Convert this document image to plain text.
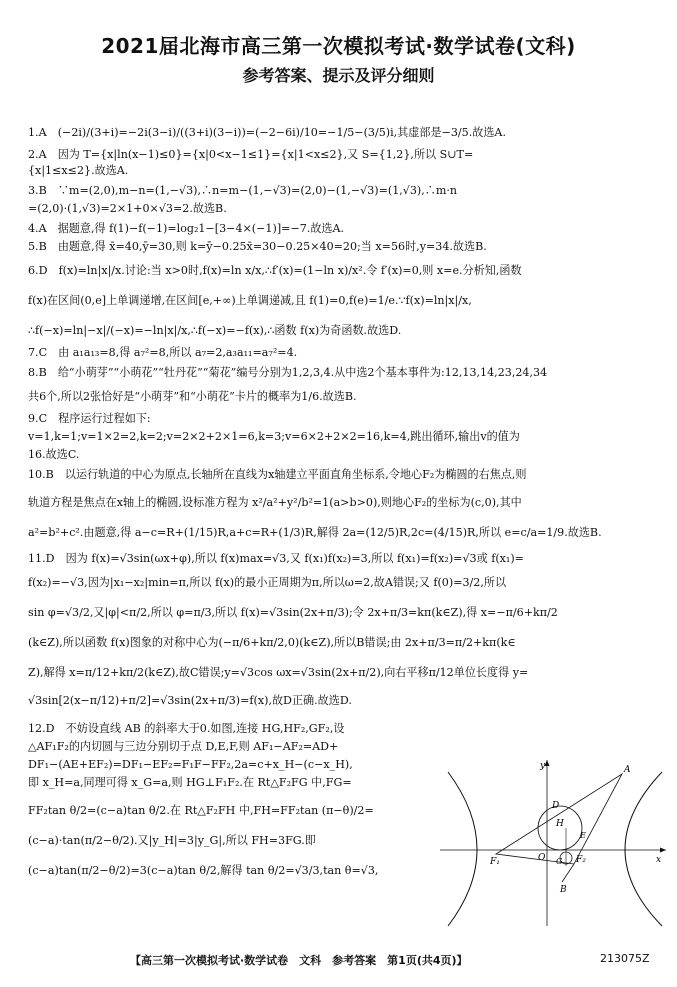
2021届北海市高三第一次模拟考试·数学试卷(文科)
参考答案、提示及评分细则
1.A　(−2i)/(3+i)=−2i(3−i)/((3+i)(3−i))=(−2−6i)/10=−1/5−(3/5)i,其虚部是−3/5.故选A.
2.A　因为 T={x|ln(x−1)≤0}={x|0<x−1≤1}={x|1<x≤2},又 S={1,2},所以 S∪T=
{x|1≤x≤2}.故选A.
3.B　∵m=(2,0),m−n=(1,−√3),∴n=m−(1,−√3)=(2,0)−(1,−√3)=(1,√3),∴m·n
=(2,0)·(1,√3)=2×1+0×√3=2.故选B.
4.A　据题意,得 f(1)−f(−1)=log₂1−[3−4×(−1)]=−7.故选A.
5.B　由题意,得 x̄=40,ȳ=30,则 k=ȳ−0.25x̄=30−0.25×40=20;当 x=56时,y=34.故选B.
6.D　f(x)=ln|x|/x.讨论:当 x>0时,f(x)=ln x/x,∴f′(x)=(1−ln x)/x².令 f′(x)=0,则 x=e.分析知,函数
f(x)在区间(0,e]上单调递增,在区间[e,+∞)上单调递减,且 f(1)=0,f(e)=1/e.∵f(x)=ln|x|/x,
∴f(−x)=ln|−x|/(−x)=−ln|x|/x,∴f(−x)=−f(x),∴函数 f(x)为奇函数.故选D.
7.C　由 a₁a₁₃=8,得 a₇²=8,所以 a₇=2,a₃a₁₁=a₇²=4.
8.B　给“小萌芽”“小萌花”“牡丹花”“菊花”编号分别为1,2,3,4.从中选2个基本事件为:12,13,14,23,24,34
共6个,所以2张恰好是“小萌芽”和“小萌花”卡片的概率为1/6.故选B.
9.C　程序运行过程如下:
v=1,k=1;v=1×2=2,k=2;v=2×2+2×1=6,k=3;v=6×2+2×2=16,k=4,跳出循环,输出v的值为
16.故选C.
10.B　以运行轨道的中心为原点,长轴所在直线为x轴建立平面直角坐标系,令地心F₂为椭圆的右焦点,则
轨道方程是焦点在x轴上的椭圆,设标准方程为 x²/a²+y²/b²=1(a>b>0),则地心F₂的坐标为(c,0),其中
a²=b²+c².由题意,得 a−c=R+(1/15)R,a+c=R+(1/3)R,解得 2a=(12/5)R,2c=(4/15)R,所以 e=c/a=1/9.故选B.
11.D　因为 f(x)=√3sin(ωx+φ),所以 f(x)max=√3,又 f(x₁)f(x₂)=3,所以 f(x₁)=f(x₂)=√3或 f(x₁)=
f(x₂)=−√3,因为|x₁−x₂|min=π,所以 f(x)的最小正周期为π,所以ω=2,故A错误;又 f(0)=3/2,所以
sin φ=√3/2,又|φ|<π/2,所以 φ=π/3,所以 f(x)=√3sin(2x+π/3);令 2x+π/3=kπ(k∈Z),得 x=−π/6+kπ/2
(k∈Z),所以函数 f(x)图象的对称中心为(−π/6+kπ/2,0)(k∈Z),所以B错误;由 2x+π/3=π/2+kπ(k∈
Z),解得 x=π/12+kπ/2(k∈Z),故C错误;y=√3cos ωx=√3sin(2x+π/2),向右平移π/12单位长度得 y=
√3sin[2(x−π/12)+π/2]=√3sin(2x+π/3)=f(x),故D正确.故选D.
12.D　不妨设直线 AB 的斜率大于0.如图,连接 HG,HF₂,GF₂,设
△AF₁F₂的内切圆与三边分别切于点 D,E,F,则 AF₁−AF₂=AD+
DF₁−(AE+EF₂)=DF₁−EF₂=F₁F−FF₂,2a=c+x_H−(c−x_H),
即 x_H=a,同理可得 x_G=a,则 HG⊥F₁F₂.在 Rt△F₂FG 中,FG=
FF₂tan θ/2=(c−a)tan θ/2.在 Rt△F₂FH 中,FH=FF₂tan (π−θ)/2=
(c−a)·tan(π/2−θ/2).又|y_H|=3|y_G|,所以 FH=3FG.即
(c−a)tan(π/2−θ/2)=3(c−a)tan θ/2,解得 tan θ/2=√3/3,tan θ=√3,
y
x
A
B
D
H
F₁	O G F₂
E
【高三第一次模拟考试·数学试卷　文科　参考答案　第1页(共4页)】	213075Z
